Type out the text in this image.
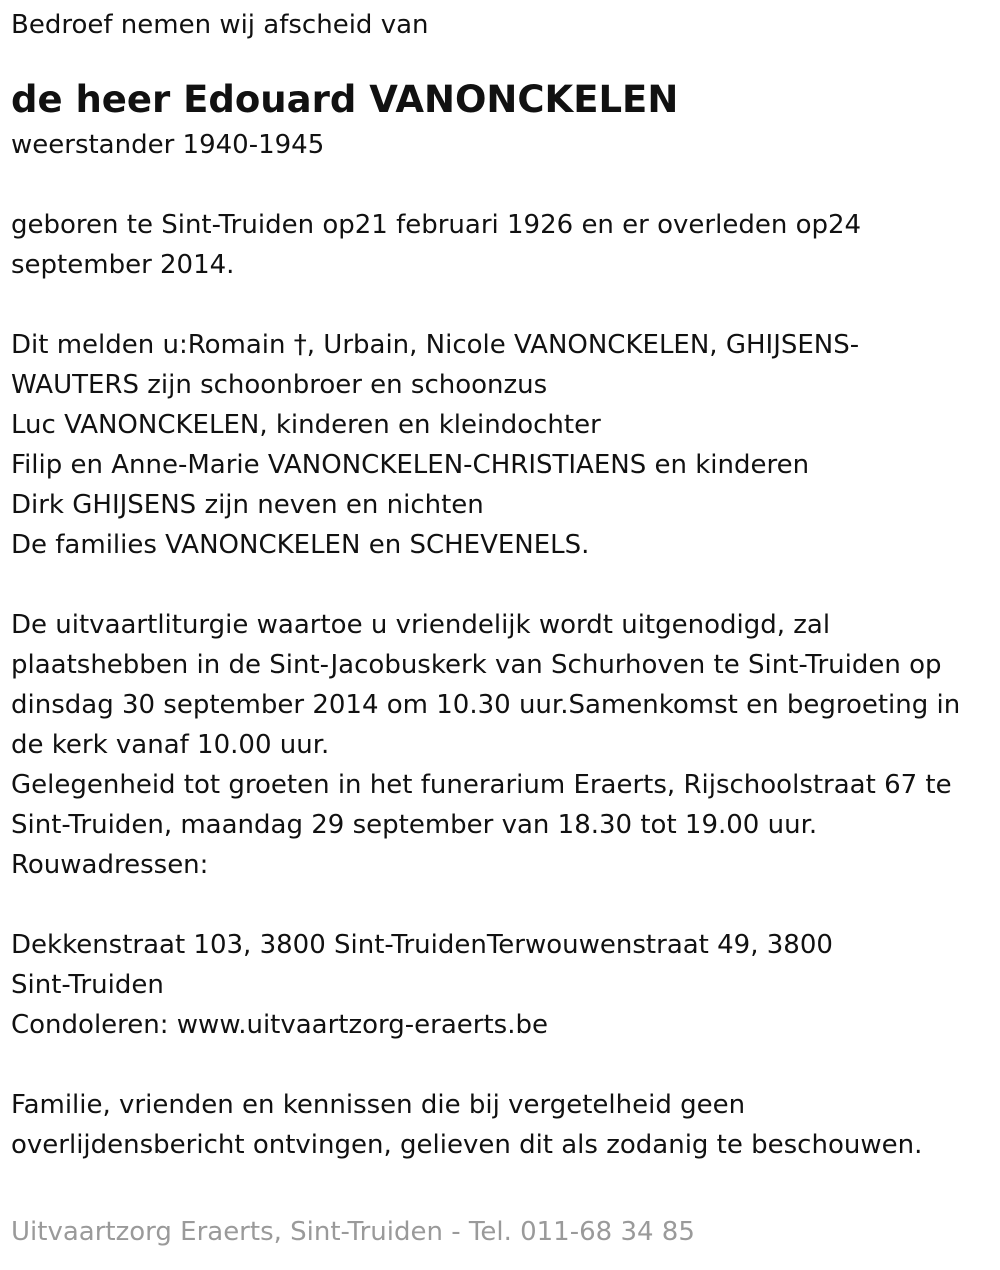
Bedroef nemen wij afscheid van
de heer Edouard VANONCKELEN
weerstander 1940-1945
geboren te Sint-Truiden op21 februari 1926 en er overleden op24
september 2014.
Dit melden u:Romain †, Urbain, Nicole VANONCKELEN, GHIJSENS-
WAUTERS zijn schoonbroer en schoonzus
Luc VANONCKELEN, kinderen en kleindochter
Filip en Anne-Marie VANONCKELEN-CHRISTIAENS en kinderen
Dirk GHIJSENS zijn neven en nichten
De families VANONCKELEN en SCHEVENELS.
De uitvaartliturgie waartoe u vriendelijk wordt uitgenodigd, zal
plaatshebben in de Sint-Jacobuskerk van Schurhoven te Sint-Truiden op
dinsdag 30 september 2014 om 10.30 uur.Samenkomst en begroeting in
de kerk vanaf 10.00 uur.
Gelegenheid tot groeten in het funerarium Eraerts, Rijschoolstraat 67 te
Sint-Truiden, maandag 29 september van 18.30 tot 19.00 uur.
Rouwadressen:
Dekkenstraat 103, 3800 Sint-TruidenTerwouwenstraat 49, 3800
Sint-Truiden
Condoleren: www.uitvaartzorg-eraerts.be
Familie, vrienden en kennissen die bij vergetelheid geen
overlijdensbericht ontvingen, gelieven dit als zodanig te beschouwen.
Uitvaartzorg Eraerts, Sint-Truiden - Tel. 011-68 34 85
